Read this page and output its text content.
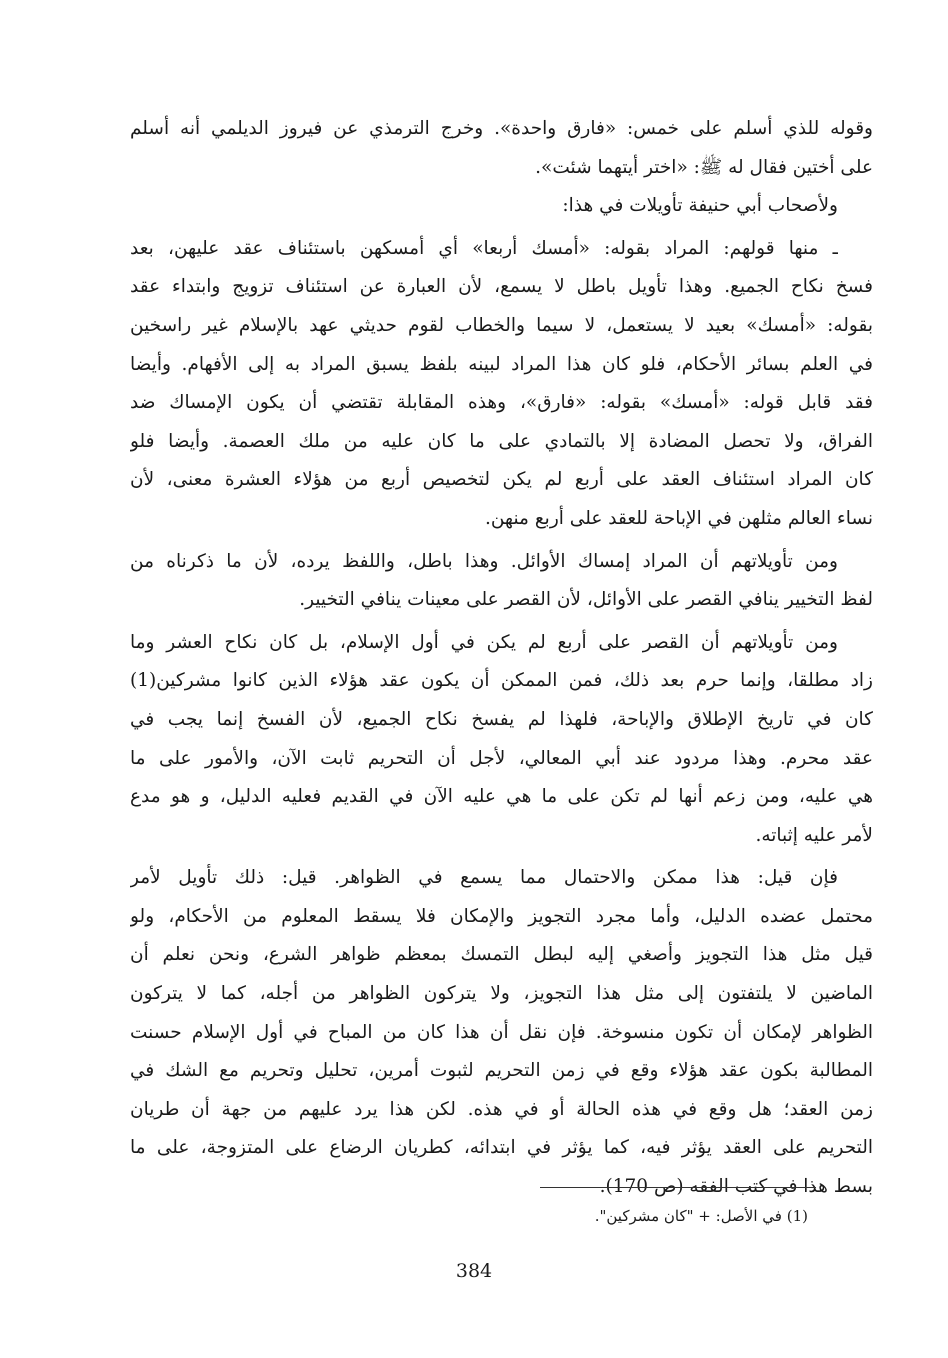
وقوله للذي أسلم على خمس: «فارق واحدة». وخرج الترمذي عن فيروز الديلمي أنه أسلم
على أختين فقال له ﷺ: «اختر أيتهما شئت».
ولأصحاب أبي حنيفة تأويلات في هذا:
ـ منها قولهم: المراد بقوله: «أمسك أربعا» أي أمسكهن باستئناف عقد عليهن، بعد
فسخ نكاح الجميع. وهذا تأويل باطل لا يسمع، لأن العبارة عن استئناف تزويج وابتداء عقد
بقوله: «أمسك» بعيد لا يستعمل، لا سيما والخطاب لقوم حديثي عهد بالإسلام غير راسخين
في العلم بسائر الأحكام، فلو كان هذا المراد لبينه بلفظ يسبق المراد به إلى الأفهام. وأيضا
فقد قابل قوله: «أمسك» بقوله: «فارق»، وهذه المقابلة تقتضي أن يكون الإمساك ضد
الفراق، ولا تحصل المضادة إلا بالتمادي على ما كان عليه من ملك العصمة. وأيضا فلو
كان المراد استئناف العقد على أربع لم يكن لتخصيص أربع من هؤلاء العشرة معنى، لأن
نساء العالم مثلهن في الإباحة للعقد على أربع منهن.
ومن تأويلاتهم أن المراد إمساك الأوائل. وهذا باطل، واللفظ يرده، لأن ما ذكرناه من
لفظ التخيير ينافي القصر على الأوائل، لأن القصر على معينات ينافي التخيير.
ومن تأويلاتهم أن القصر على أربع لم يكن في أول الإسلام، بل كان نكاح العشر وما
زاد مطلقا، وإنما حرم بعد ذلك، فمن الممكن أن يكون عقد هؤلاء الذين كانوا مشركين(1)
كان في تاريخ الإطلاق والإباحة، فلهذا لم يفسخ نكاح الجميع، لأن الفسخ إنما يجب في
عقد محرم. وهذا مردود عند أبي المعالي، لأجل أن التحريم ثابت الآن، والأمور على ما
هي عليه، ومن زعم أنها لم تكن على ما هي عليه الآن في القديم فعليه الدليل، و هو مدع
لأمر عليه إثباته.
فإن قيل: هذا ممكن والاحتمال مما يسمع في الظواهر. قيل: ذلك تأويل لأمر
محتمل عضده الدليل، وأما مجرد التجويز والإمكان فلا يسقط المعلوم من الأحكام، ولو
قيل مثل هذا التجويز وأصغي إليه لبطل التمسك بمعظم ظواهر الشرع، ونحن نعلم أن
الماضين لا يلتفتون إلى مثل هذا التجويز، ولا يتركون الظواهر من أجله، كما لا يتركون
الظواهر لإمكان أن تكون منسوخة. فإن نقل أن هذا كان من المباح في أول الإسلام حسنت
المطالبة بكون عقد هؤلاء وقع في زمن التحريم لثبوت أمرين، تحليل وتحريم مع الشك في
زمن العقد؛ هل وقع في هذه الحالة أو في هذه. لكن هذا يرد عليهم من جهة أن طريان
التحريم على العقد يؤثر فيه، كما يؤثر في ابتدائه، كطريان الرضاع على المتزوجة، على ما
بسط هذا في كتب الفقه (ص 170).
(1) في الأصل: + "كان مشركين".
384
